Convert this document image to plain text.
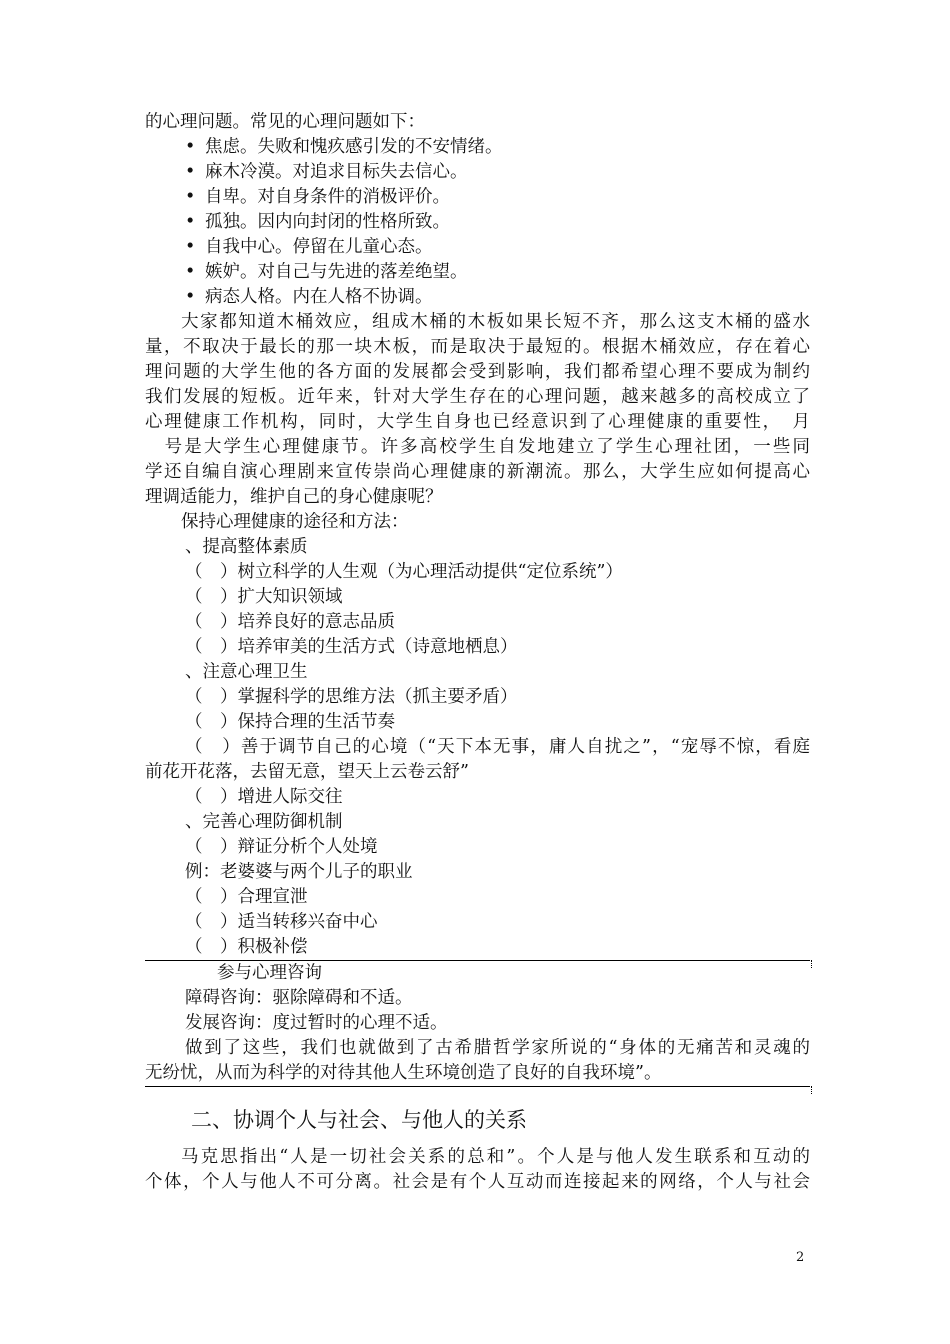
的心理问题。常见的心理问题如下：
• 焦虑。失败和愧疚感引发的不安情绪。
• 麻木冷漠。对追求目标失去信心。
• 自卑。对自身条件的消极评价。
• 孤独。因内向封闭的性格所致。
• 自我中心。停留在儿童心态。
• 嫉妒。对自己与先进的落差绝望。
• 病态人格。内在人格不协调。
大家都知道木桶效应，组成木桶的木板如果长短不齐，那么这支木桶的盛水
量，不取决于最长的那一块木板，而是取决于最短的。根据木桶效应，存在着心
理问题的大学生他的各方面的发展都会受到影响，我们都希望心理不要成为制约
我们发展的短板。近年来，针对大学生存在的心理问题，越来越多的高校成立了
心理健康工作机构，同时，大学生自身也已经意识到了心理健康的重要性，　月
　号是大学生心理健康节。许多高校学生自发地建立了学生心理社团，一些同
学还自编自演心理剧来宣传崇尚心理健康的新潮流。那么，大学生应如何提高心
理调适能力，维护自己的身心健康呢？
保持心理健康的途径和方法：
、提高整体素质
（　）树立科学的人生观（为心理活动提供“定位系统”）
（　）扩大知识领域
（　）培养良好的意志品质
（　）培养审美的生活方式（诗意地栖息）
、注意心理卫生
（　）掌握科学的思维方法（抓主要矛盾）
（　）保持合理的生活节奏
（　）善于调节自己的心境（“天下本无事，庸人自扰之”，“宠辱不惊，看庭
前花开花落，去留无意，望天上云卷云舒”
（　）增进人际交往
、完善心理防御机制
（　）辩证分析个人处境
例：老婆婆与两个儿子的职业
（　）合理宣泄
（　）适当转移兴奋中心
（　）积极补偿
参与心理咨询
障碍咨询：驱除障碍和不适。
发展咨询：度过暂时的心理不适。
做到了这些，我们也就做到了古希腊哲学家所说的“身体的无痛苦和灵魂的
无纷忧，从而为科学的对待其他人生环境创造了良好的自我环境”。
二、协调个人与社会、与他人的关系
马克思指出“人是一切社会关系的总和”。个人是与他人发生联系和互动的
个体，个人与他人不可分离。社会是有个人互动而连接起来的网络，个人与社会
2
